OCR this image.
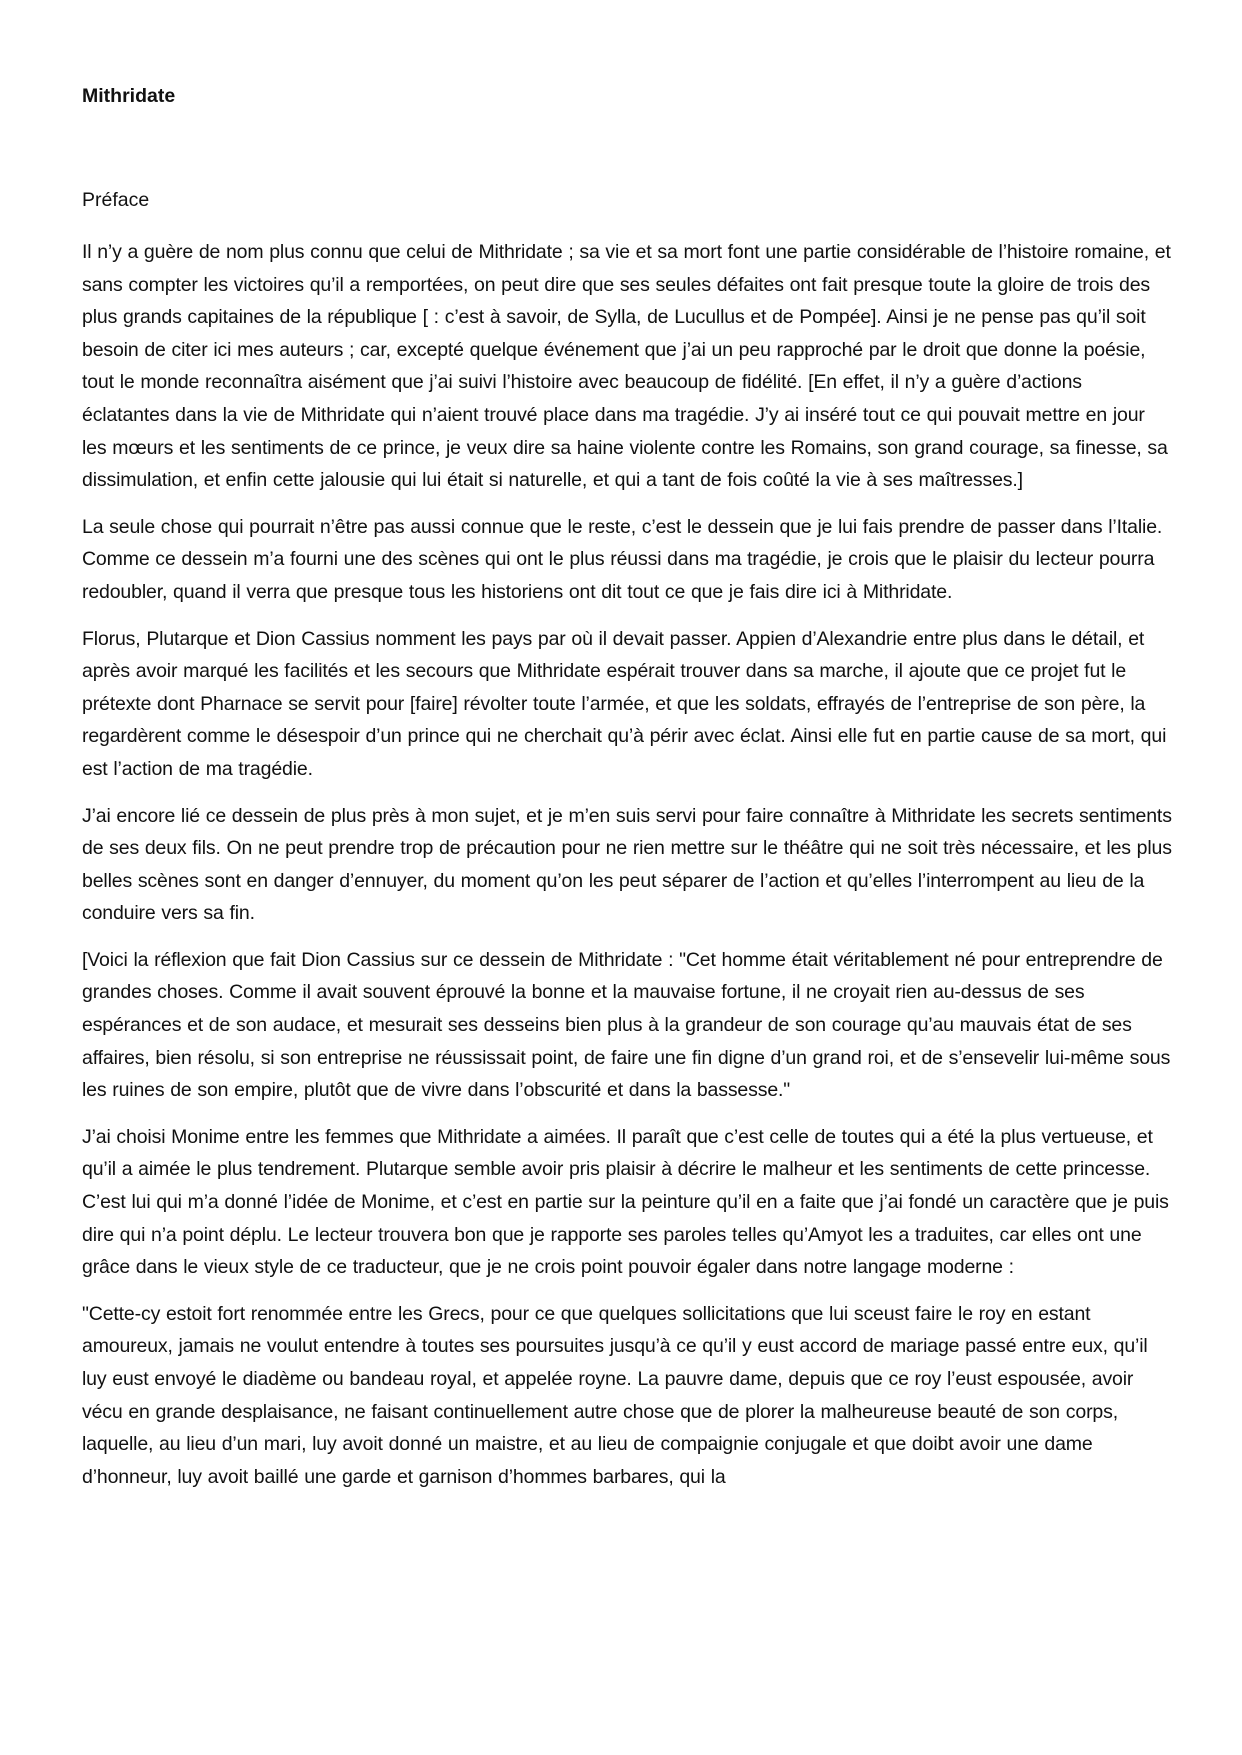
Mithridate
Préface

Il n’y a guère de nom plus connu que celui de Mithridate ; sa vie et sa mort font une partie considérable de l’histoire romaine, et sans compter les victoires qu’il a remportées, on peut dire que ses seules défaites ont fait presque toute la gloire de trois des plus grands capitaines de la république [ : c’est à savoir, de Sylla, de Lucullus et de Pompée]. Ainsi je ne pense pas qu’il soit besoin de citer ici mes auteurs ; car, excepté quelque événement que j’ai un peu rapproché par le droit que donne la poésie, tout le monde reconnaîtra aisément que j’ai suivi l’histoire avec beaucoup de fidélité. [En effet, il n’y a guère d’actions éclatantes dans la vie de Mithridate qui n’aient trouvé place dans ma tragédie. J’y ai inséré tout ce qui pouvait mettre en jour les mœurs et les sentiments de ce prince, je veux dire sa haine violente contre les Romains, son grand courage, sa finesse, sa dissimulation, et enfin cette jalousie qui lui était si naturelle, et qui a tant de fois coûté la vie à ses maîtresses.]

La seule chose qui pourrait n’être pas aussi connue que le reste, c’est le dessein que je lui fais prendre de passer dans l’Italie. Comme ce dessein m’a fourni une des scènes qui ont le plus réussi dans ma tragédie, je crois que le plaisir du lecteur pourra redoubler, quand il verra que presque tous les historiens ont dit tout ce que je fais dire ici à Mithridate.

Florus, Plutarque et Dion Cassius nomment les pays par où il devait passer. Appien d’Alexandrie entre plus dans le détail, et après avoir marqué les facilités et les secours que Mithridate espérait trouver dans sa marche, il ajoute que ce projet fut le prétexte dont Pharnace se servit pour [faire] révolter toute l’armée, et que les soldats, effrayés de l’entreprise de son père, la regardèrent comme le désespoir d’un prince qui ne cherchait qu’à périr avec éclat. Ainsi elle fut en partie cause de sa mort, qui est l’action de ma tragédie.

J’ai encore lié ce dessein de plus près à mon sujet, et je m’en suis servi pour faire connaître à Mithridate les secrets sentiments de ses deux fils. On ne peut prendre trop de précaution pour ne rien mettre sur le théâtre qui ne soit très nécessaire, et les plus belles scènes sont en danger d’ennuyer, du moment qu’on les peut séparer de l’action et qu’elles l’interrompent au lieu de la conduire vers sa fin.

[Voici la réflexion que fait Dion Cassius sur ce dessein de Mithridate : "Cet homme était véritablement né pour entreprendre de grandes choses. Comme il avait souvent éprouvé la bonne et la mauvaise fortune, il ne croyait rien au-dessus de ses espérances et de son audace, et mesurait ses desseins bien plus à la grandeur de son courage qu’au mauvais état de ses affaires, bien résolu, si son entreprise ne réussissait point, de faire une fin digne d’un grand roi, et de s’ensevelir lui-même sous les ruines de son empire, plutôt que de vivre dans l’obscurité et dans la bassesse."

J’ai choisi Monime entre les femmes que Mithridate a aimées. Il paraît que c’est celle de toutes qui a été la plus vertueuse, et qu’il a aimée le plus tendrement. Plutarque semble avoir pris plaisir à décrire le malheur et les sentiments de cette princesse. C’est lui qui m’a donné l’idée de Monime, et c’est en partie sur la peinture qu’il en a faite que j’ai fondé un caractère que je puis dire qui n’a point déplu. Le lecteur trouvera bon que je rapporte ses paroles telles qu’Amyot les a traduites, car elles ont une grâce dans le vieux style de ce traducteur, que je ne crois point pouvoir égaler dans notre langage moderne :

"Cette-cy estoit fort renommée entre les Grecs, pour ce que quelques sollicitations que lui sceust faire le roy en estant amoureux, jamais ne voulut entendre à toutes ses poursuites jusqu’à ce qu’il y eust accord de mariage passé entre eux, qu’il luy eust envoyé le diadème ou bandeau royal, et appelée royne. La pauvre dame, depuis que ce roy l’eust espousée, avoir vécu en grande desplaisance, ne faisant continuellement autre chose que de plorer la malheureuse beauté de son corps, laquelle, au lieu d’un mari, luy avoit donné un maistre, et au lieu de compaignie conjugale et que doibt avoir une dame d’honneur, luy avoit baillé une garde et garnison d’hommes barbares, qui la
